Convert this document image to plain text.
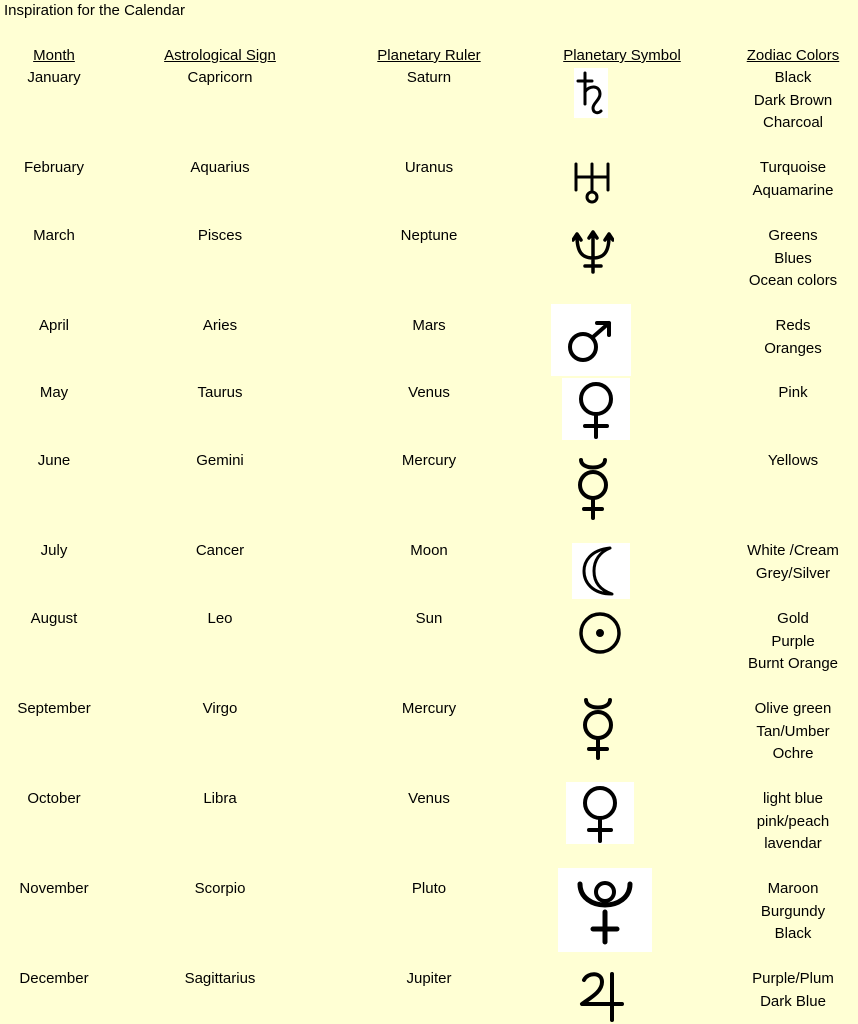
Inspiration for the Calendar
Month	Astrological Sign	Planetary Ruler	Planetary Symbol	Zodiac Colors
January	Capricorn	Saturn	Black
Dark Brown
Charcoal
February	Aquarius	Uranus	Turquoise
Aquamarine
March	Pisces	Neptune	Greens
Blues
Ocean colors
April	Aries	Mars	Reds
Oranges
May	Taurus	Venus	Pink
June	Gemini	Mercury	Yellows
July	Cancer	Moon	White /Cream
Grey/Silver
August	Leo	Sun	Gold
Purple
Burnt Orange
September	Virgo	Mercury	Olive green
Tan/Umber
Ochre
October	Libra	Venus	light blue
pink/peach
lavendar
November	Scorpio	Pluto	Maroon
Burgundy
Black
December	Sagittarius	Jupiter	Purple/Plum
Dark Blue
